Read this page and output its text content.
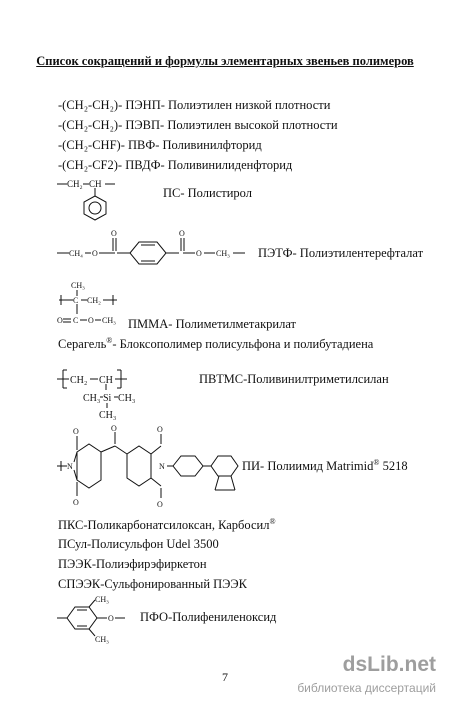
Список сокращений и формулы элементарных звеньев полимеров
-(CH₂-CH₂)- ПЭНП- Полиэтилен низкой плотности
-(CH₂-CH₂)- ПЭВП- Полиэтилен высокой плотности
-(CH₂-CHF)- ПВФ- Поливинилфторид
-(CH₂-CF2)- ПВДФ- Поливинилиденфторид
CH₂ CH
ПС- Полистирол
CH₄ O
O	O
O CH₃ ПЭТФ- Полиэтилентерефталат
CH₃
C CH₂
O C O CH₃ ПММА- Полиметилметакрилат
Серагель®- Блоксополимер полисульфона и полибутадиена
CH₂ CH
CH₃ Si CH₃
CH₃
ПВТМС-Поливинилтриметилсилан
N
O
O
O	O
O
N	ПИ- Полиимид Matrimid® 5218
ПКС-Поликарбонатсилоксан, Карбосил®
ПСул-Полисульфон Udel 3500
ПЭЭК-Полиэфирэфиркетон
СПЭЭК-Сульфонированный ПЭЭК
CH₃
CH₃
O ПФО-Полифениленоксид
7
dsLib.net
библиотека диссертаций
